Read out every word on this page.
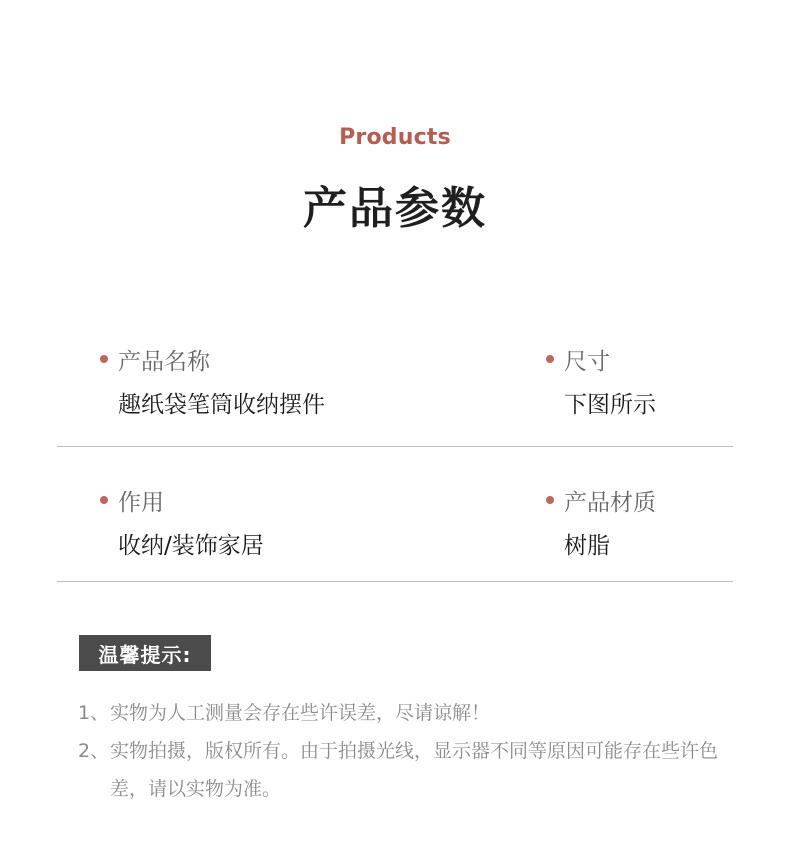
Products
产品参数
产品名称
趣纸袋笔筒收纳摆件
尺寸
下图所示
作用
收纳/装饰家居
产品材质
树脂
温馨提示:
1、 实物为人工测量会存在些许误差，尽请谅解！
2、 实物拍摄，版权所有。由于拍摄光线，显示器不同等原因可能存在些许色差，请以实物为准。
